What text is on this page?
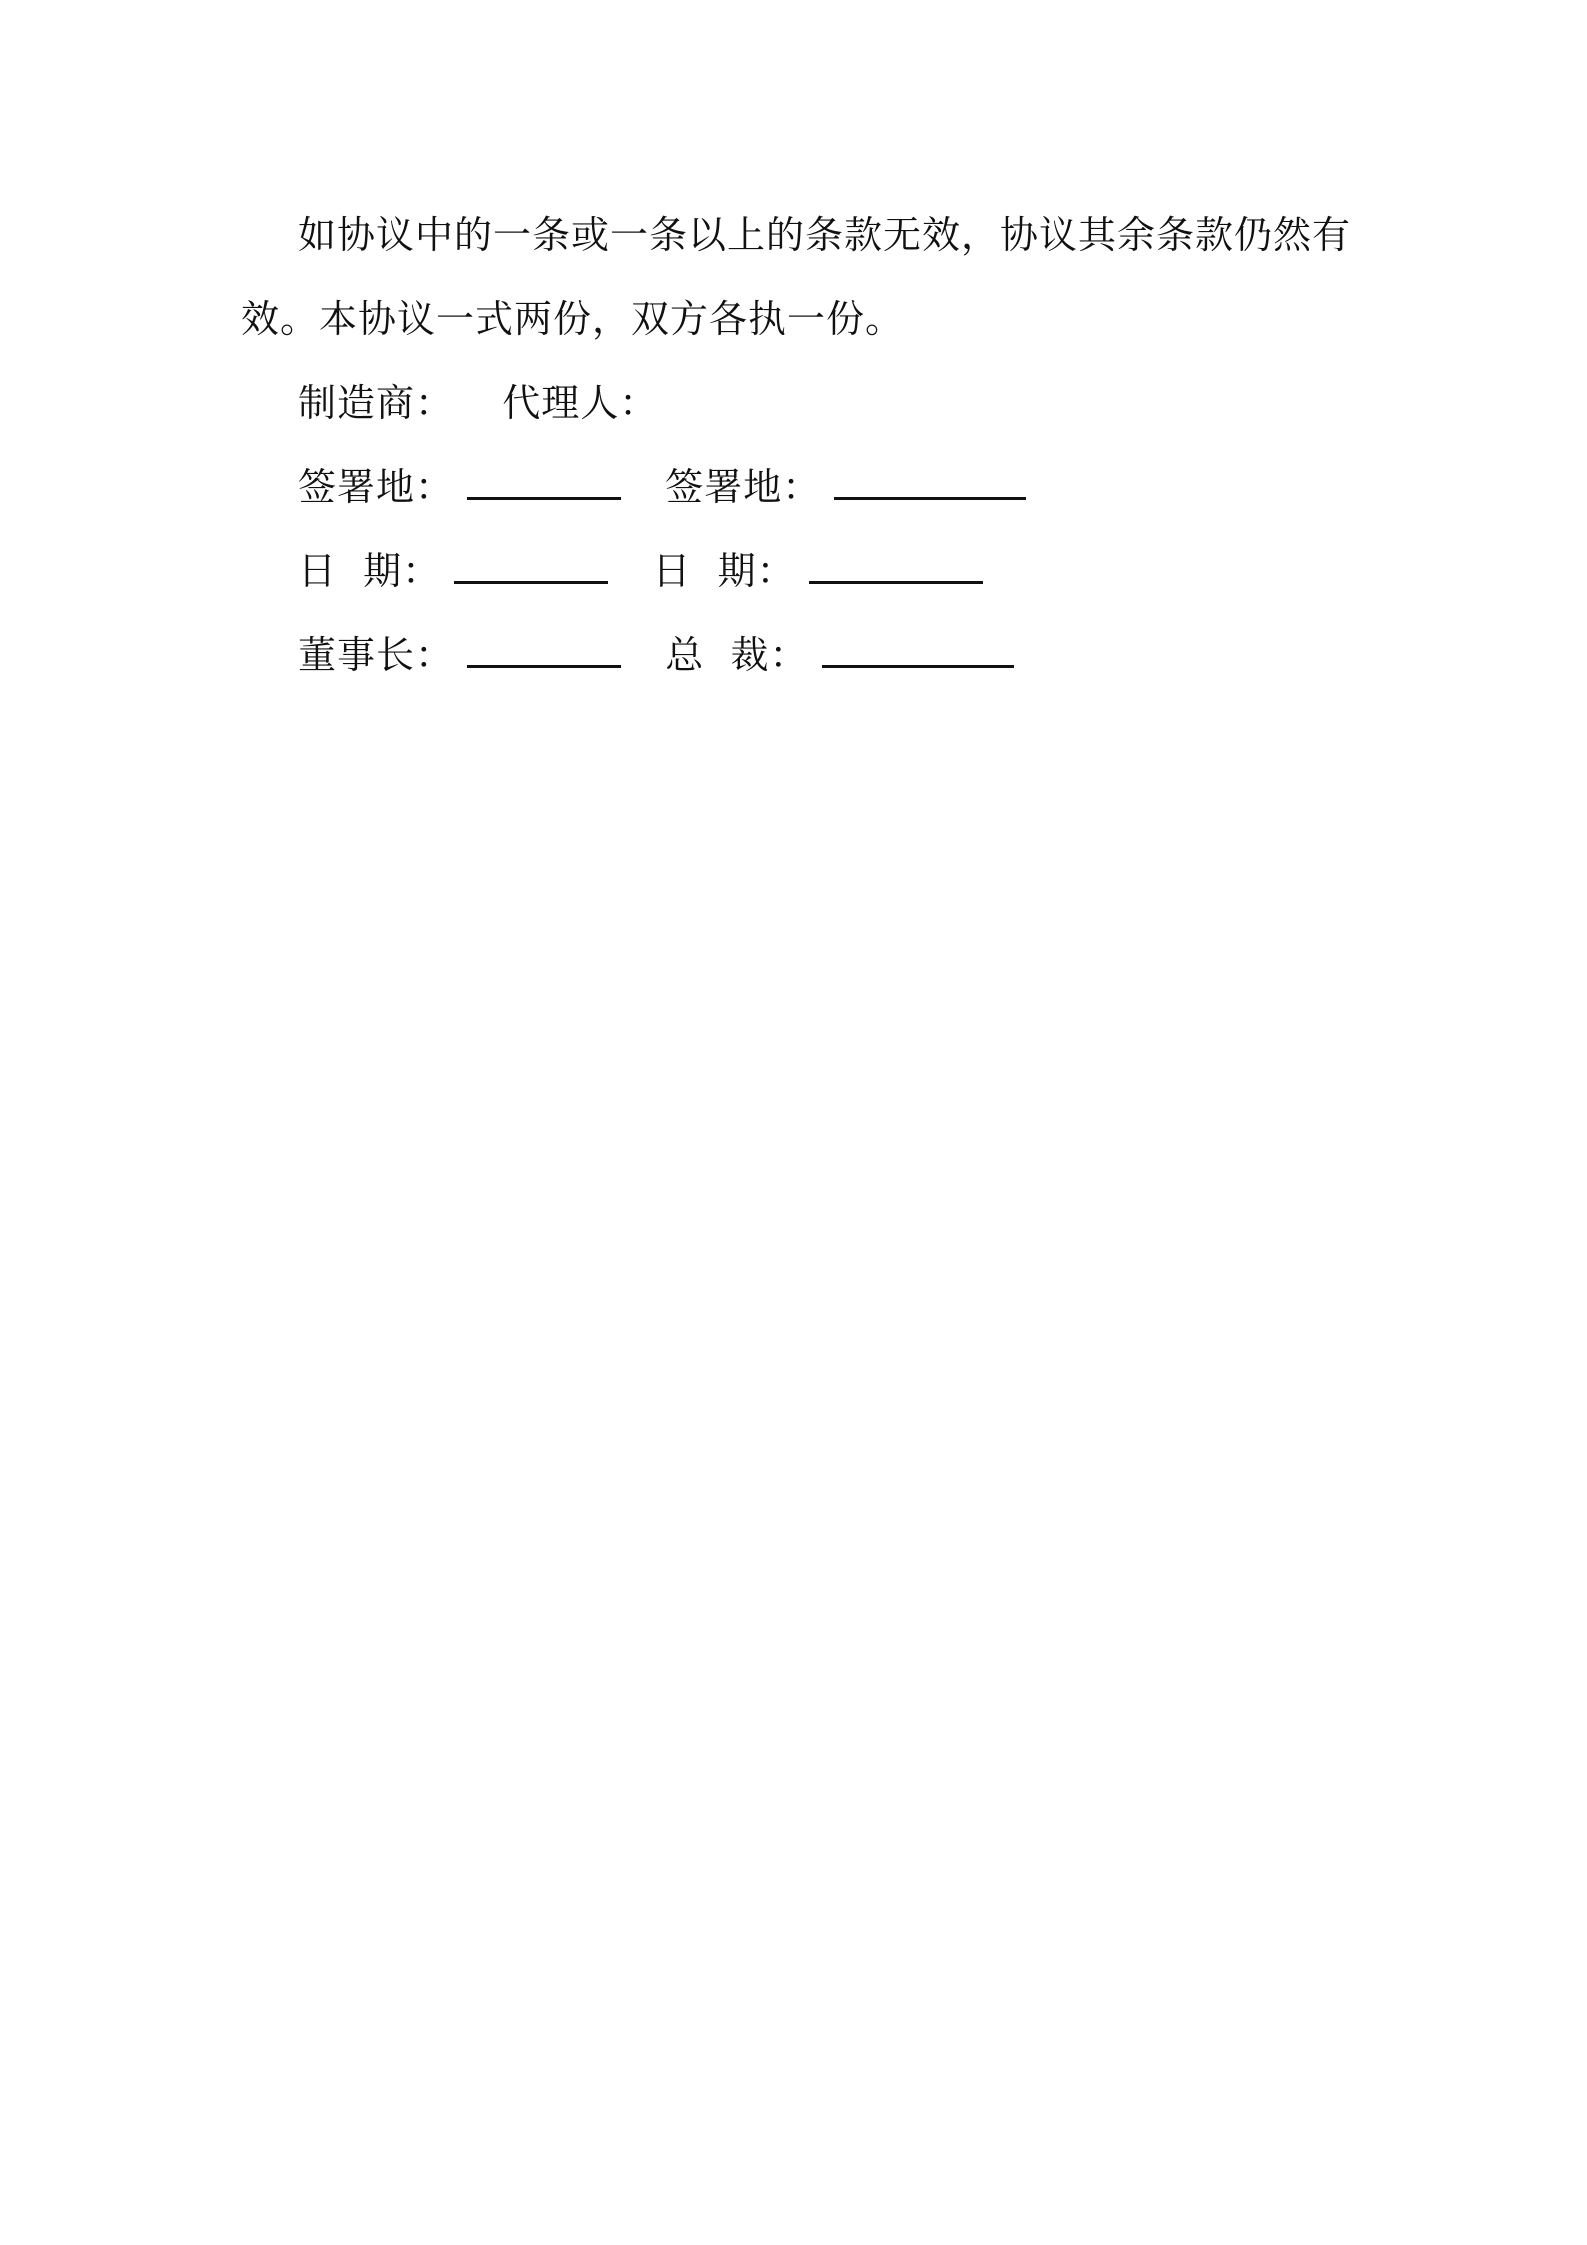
如协议中的一条或一条以上的条款无效，协议其余条款仍然有
效。本协议一式两份，双方各执一份。
制造商： 代理人：
签署地：	签署地：
日  期：	日  期：
董事长：	总  裁：
